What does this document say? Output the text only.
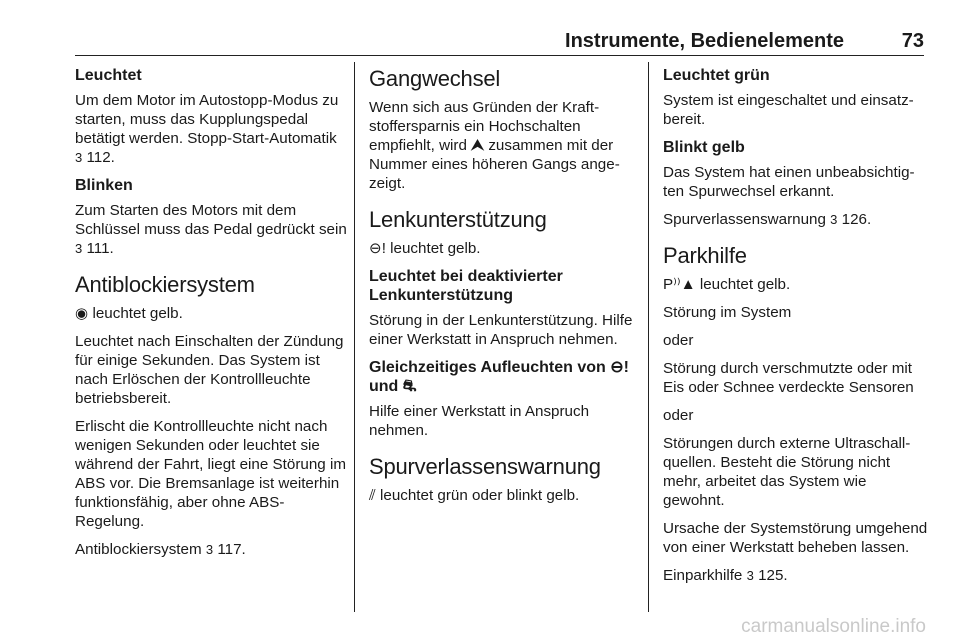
Instrumente, Bedienelemente	73
Leuchtet

Um dem Motor im Autostopp-Modus zu starten, muss das Kupplungspedal betätigt werden. Stopp-Start-Automatik 3 112.

Blinken

Zum Starten des Motors mit dem Schlüssel muss das Pedal gedrückt sein 3 111.

Antiblockiersystem

◉ leuchtet gelb.

Leuchtet nach Einschalten der Zündung für einige Sekunden. Das System ist nach Erlöschen der Kontrollleuchte betriebsbereit.

Erlischt die Kontrollleuchte nicht nach wenigen Sekunden oder leuchtet sie während der Fahrt, liegt eine Störung im ABS vor. Die Bremsanlage ist weiterhin funktionsfähig, aber ohne ABS-Regelung.

Antiblockiersystem 3 117.

Gangwechsel

Wenn sich aus Gründen der Kraftstoffersparnis ein Hochschalten empfiehlt, wird ⮝ zusammen mit der Nummer eines höheren Gangs angezeigt.

Lenkunterstützung

⊖! leuchtet gelb.

Leuchtet bei deaktivierter Lenkunterstützung

Störung in der Lenkunterstützung. Hilfe einer Werkstatt in Anspruch nehmen.

Gleichzeitiges Aufleuchten von ⊖! und ⛐

Hilfe einer Werkstatt in Anspruch nehmen.

Spurverlassenswarnung

⫽ leuchtet grün oder blinkt gelb.

Leuchtet grün

System ist eingeschaltet und einsatzbereit.

Blinkt gelb

Das System hat einen unbeabsichtigten Spurwechsel erkannt.

Spurverlassenswarnung 3 126.

Parkhilfe

P⁾⁾▲ leuchtet gelb.

Störung im System

oder

Störung durch verschmutzte oder mit Eis oder Schnee verdeckte Sensoren

oder

Störungen durch externe Ultraschallquellen. Besteht die Störung nicht mehr, arbeitet das System wie gewohnt.

Ursache der Systemstörung umgehend von einer Werkstatt beheben lassen.

Einparkhilfe 3 125.

carmanualsonline.info
